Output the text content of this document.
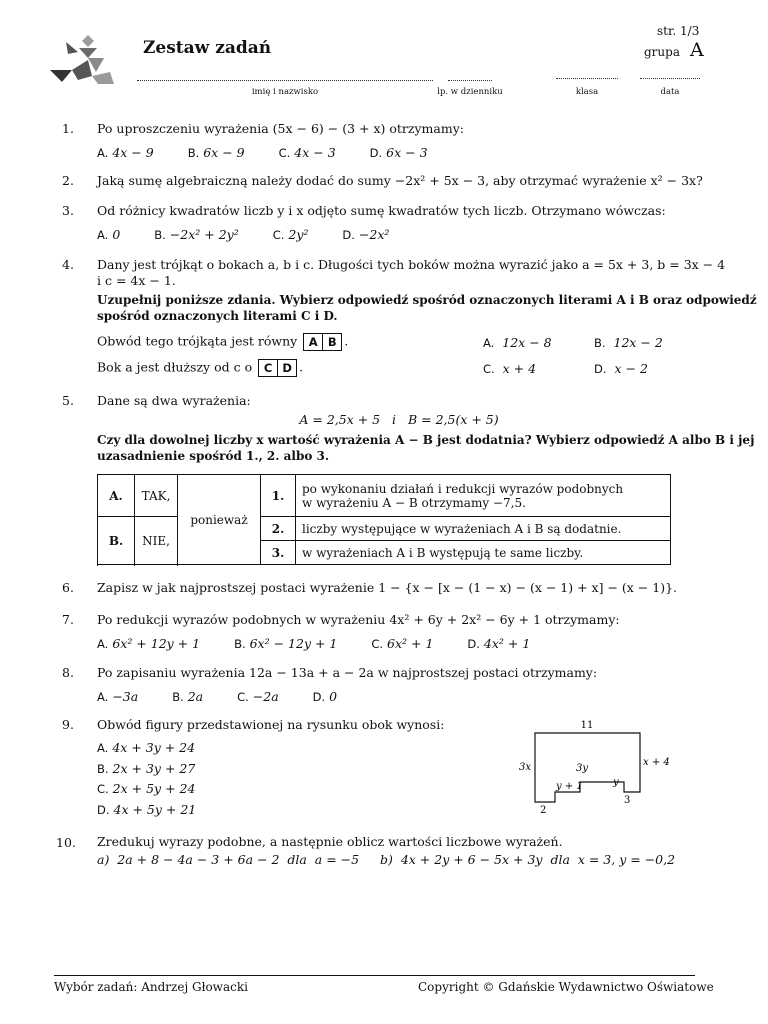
Zestaw zadań
str. 1/3
grupa A
imię i nazwisko	lp. w dzienniku	klasa	data
1. Po uproszczeniu wyrażenia (5x − 6) − (3 + x) otrzymamy:
A. 4x − 9	B. 6x − 9	C. 4x − 3	D. 6x − 3
2. Jaką sumę algebraiczną należy dodać do sumy −2x² + 5x − 3, aby otrzymać wyrażenie x² − 3x?
3. Od różnicy kwadratów liczb y i x odjęto sumę kwadratów tych liczb. Otrzymano wówczas:
A. 0	B. −2x² + 2y²	C. 2y²	D. −2x²
4. Dany jest trójkąt o bokach a, b i c. Długości tych boków można wyrazić jako a = 5x + 3, b = 3x − 4
i c = 4x − 1.
Uzupełnij poniższe zdania. Wybierz odpowiedź spośród oznaczonych literami A i B oraz odpowiedź
spośród oznaczonych literami C i D.
Obwód tego trójkąta jest równy A B .
Bok a jest dłuższy od c o C D .
A. 12x − 8	B. 12x − 2
C. x + 4	D. x − 2
5. Dane są dwa wyrażenia:
A = 2,5x + 5   i   B = 2,5(x + 5)
Czy dla dowolnej liczby x wartość wyrażenia A − B jest dodatnia? Wybierz odpowiedź A albo B i jej
uzasadnienie spośród 1., 2. albo 3.
A.	TAK,	ponieważ	1.	po wykonaniu działań i redukcji wyrazów podobnych
w wyrażeniu A − B otrzymamy −7,5.

B.	NIE,		2.	liczby występujące w wyrażeniach A i B są dodatnie.
			3.	w wyrażeniach A i B występują te same liczby.

6. Zapisz w jak najprostszej postaci wyrażenie 1 − {x − [x − (1 − x) − (x − 1) + x] − (x − 1)}.
7. Po redukcji wyrazów podobnych w wyrażeniu 4x² + 6y + 2x² − 6y + 1 otrzymamy:
A. 6x² + 12y + 1	B. 6x² − 12y + 1	C. 6x² + 1	D. 4x² + 1
8. Po zapisaniu wyrażenia 12a − 13a + a − 2a w najprostszej postaci otrzymamy:
A. −3a	B. 2a	C. −2a	D. 0
9. Obwód figury przedstawionej na rysunku obok wynosi:
A. 4x + 3y + 24
B. 2x + 3y + 27
C. 2x + 5y + 24
D. 4x + 5y + 21
11
3x	3y
x + 4
y + 1	y
3
2
10. Zredukuj wyrazy podobne, a następnie oblicz wartości liczbowe wyrażeń.
a)  2a + 8 − 4a − 3 + 6a − 2  dla  a = −5 b)  4x + 2y + 6 − 5x + 3y  dla  x = 3, y = −0,2
Wybór zadań: Andrzej Głowacki	Copyright © Gdańskie Wydawnictwo Oświatowe
